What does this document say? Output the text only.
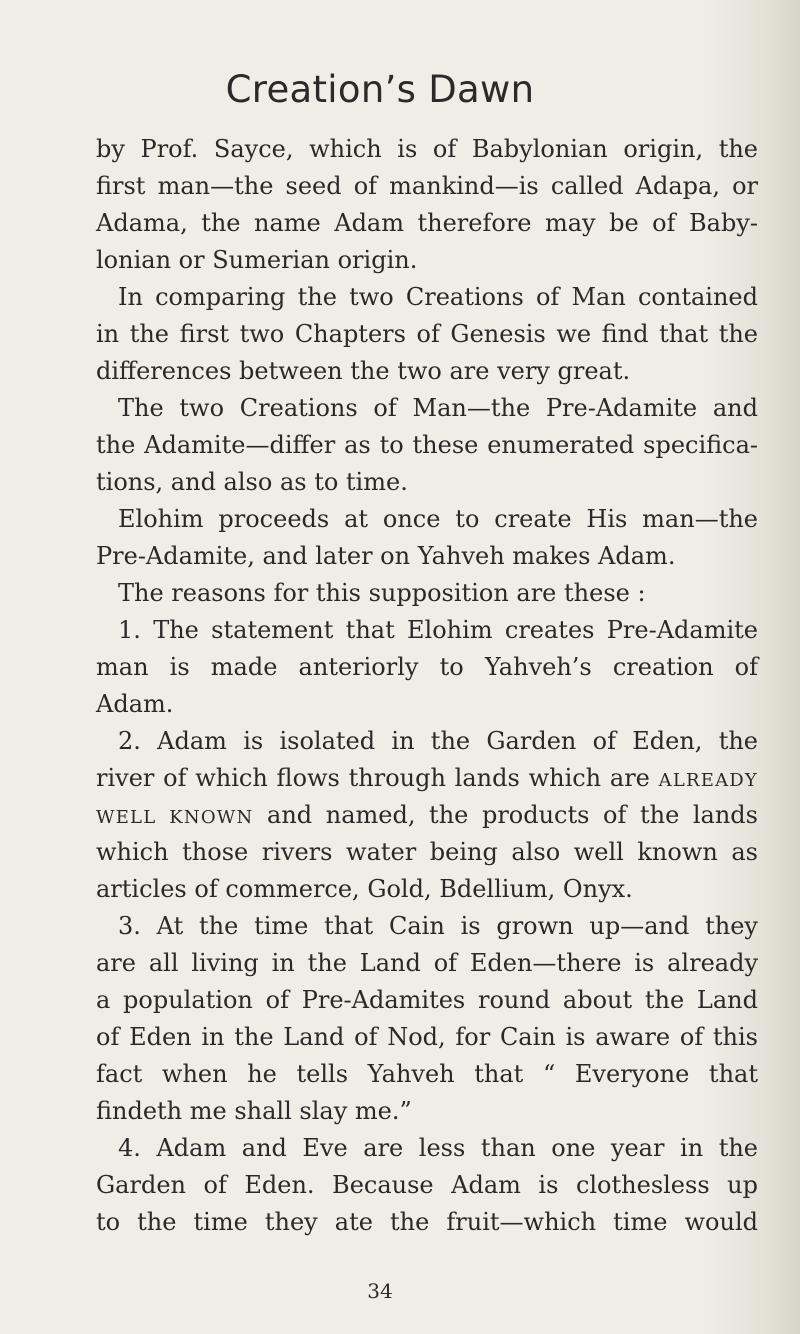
Creation’s Dawn
by Prof. Sayce, which is of Babylonian origin, the
first man—the seed of mankind—is called Adapa, or
Adama, the name Adam therefore may be of Baby-
lonian or Sumerian origin.
In comparing the two Creations of Man contained
in the first two Chapters of Genesis we find that the
differences between the two are very great.
The two Creations of Man—the Pre-Adamite and
the Adamite—differ as to these enumerated specifica-
tions, and also as to time.
Elohim proceeds at once to create His man—the
Pre-Adamite, and later on Yahveh makes Adam.
The reasons for this supposition are these :
1. The statement that Elohim creates Pre-Adamite
man is made anteriorly to Yahveh’s creation of
Adam.
2. Adam is isolated in the Garden of Eden, the
river of which flows through lands which are ALREADY
WELL KNOWN and named, the products of the lands
which those rivers water being also well known as
articles of commerce, Gold, Bdellium, Onyx.
3. At the time that Cain is grown up—and they
are all living in the Land of Eden—there is already
a population of Pre-Adamites round about the Land
of Eden in the Land of Nod, for Cain is aware of this
fact when he tells Yahveh that “ Everyone that
findeth me shall slay me.”
4. Adam and Eve are less than one year in the
Garden of Eden. Because Adam is clothesless up
to the time they ate the fruit—which time would
34
